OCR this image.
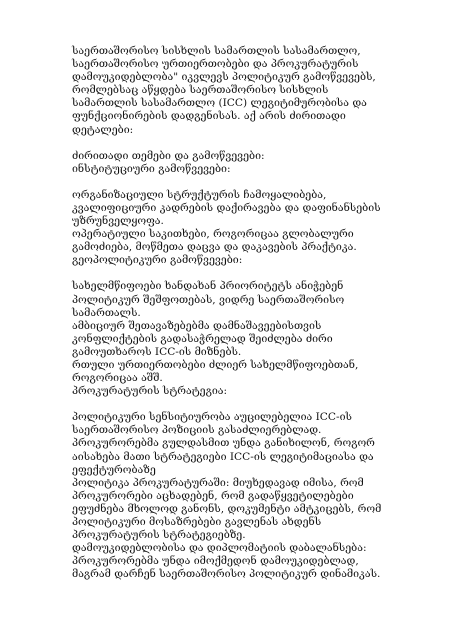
საერთაშორისო სისხლის სამართლის სასამართლო,
საერთაშორისო ურთიერთობები და პროკურატურის
დამოუკიდებლობა" იკვლევს პოლიტიკურ გამოწვევებს,
რომლებსაც აწყდება საერთაშორისო სისხლის
სამართლის სასამართლო (ICC) ლეგიტიმურობისა და
ფუნქციონირების დადგენისას. აქ არის ძირითადი
დეტალები:
ძირითადი თემები და გამოწვევები:
ინსტიტუციური გამოწვევები:
ორგანიზაციული სტრუქტურის ჩამოყალიბება,
კვალიფიციური კადრების დაქირავება და დაფინანსების
უზრუნველყოფა.
ოპერატიული საკითხები, როგორიცაა გლობალური
გამოძიება, მოწმეთა დაცვა და დაკავების პრაქტიკა.
გეოპოლიტიკური გამოწვევები:
სახელმწიფოები ხანდახან პრიორიტეტს ანიჭებენ
პოლიტიკურ შეშფოთებას, ვიდრე საერთაშორისო
სამართალს.
ამბიციურ შეთავაზებებმა დამნაშავეებისთვის
კონფლიქტების გადასაჭრელად შეიძლება ძირი
გამოუთხაროს ICC-ის მიზნებს.
რთული ურთიერთობები ძლიერ სახელმწიფოებთან,
როგორიცაა აშშ.
პროკურატურის სტრატეგია:
პოლიტიკური სენსიტიურობა აუცილებელია ICC-ის
საერთაშორისო პოზიციის გასაძლიერებლად.
პროკურორებმა გულდასმით უნდა განიხილონ, როგორ
აისახება მათი სტრატეგიები ICC-ის ლეგიტიმაციასა და
ეფექტურობაზე
პოლიტიკა პროკურატურაში: მიუხედავად იმისა, რომ
პროკურორები აცხადებენ, რომ გადაწყვეტილებები
ეფუძნება მხოლოდ განონს, დოკუმენტი ამტკიცებს, რომ
პოლიტიკური მოსაზრებები გავლენას ახდენს
პროკურატურის სტრატეგიებზე.
დამოუკიდებლობისა და დიპლომატიის დაბალანსება:
პროკურორებმა უნდა იმოქმედონ დამოუკიდებლად,
მაგრამ დარჩენ საერთაშორისო პოლიტიკურ დინამიკას.
